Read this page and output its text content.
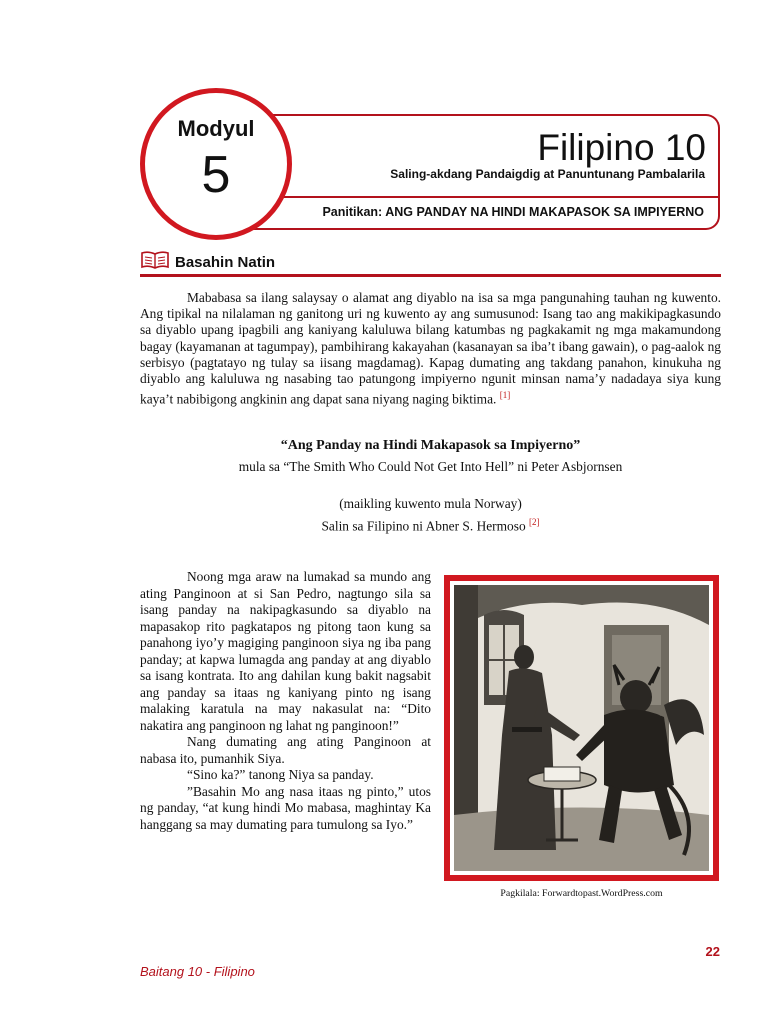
Filipino 10
Saling-akdang Pandaigdig at Panuntunang Pambalarila
Panitikan: ANG PANDAY NA HINDI MAKAPASOK SA IMPIYERNO
Modyul
5
Basahin Natin

Mababasa sa ilang salaysay o alamat ang diyablo na isa sa mga pangunahing tauhan ng kuwento. Ang tipikal na nilalaman ng ganitong uri ng kuwento ay ang sumusunod: Isang tao ang makikipagkasundo sa diyablo upang ipagbili ang kaniyang kaluluwa bilang katumbas ng pagkakamit ng mga makamundong bagay (kayamanan at tagumpay), pambihirang kakayahan (kasanayan sa iba’t ibang gawain), o pag-aalok ng serbisyo (pagtatayo ng tulay sa iisang magdamag). Kapag dumating ang takdang panahon, kinukuha ng diyablo ang kaluluwa ng nasabing tao patungong impiyerno ngunit minsan nama’y nadadaya siya kung kaya’t nabibigong angkinin ang dapat sana niyang naging biktima. [1]

“Ang Panday na Hindi Makapasok sa Impiyerno”
mula sa “The Smith Who Could Not Get Into Hell” ni Peter Asbjornsen
(maikling kuwento mula Norway)
Salin sa Filipino ni Abner S. Hermoso [2]

Noong mga araw na lumakad sa mundo ang ating Panginoon at si San Pedro, nagtungo sila sa isang panday na nakipagkasundo sa diyablo na mapasakop rito pagkatapos ng pitong taon kung sa panahong iyo’y magiging panginoon siya ng iba pang panday; at kapwa lumagda ang panday at ang diyablo sa isang kontrata. Ito ang dahilan kung bakit nagsabit ang panday sa itaas ng kaniyang pinto ng isang malaking karatula na may nakasulat na: “Dito nakatira ang panginoon ng lahat ng panginoon!”

Nang dumating ang ating Panginoon at nabasa ito, pumanhik Siya.

“Sino ka?” tanong Niya sa panday.

”Basahin Mo ang nasa itaas ng pinto,” utos ng panday, “at kung hindi Mo mabasa, maghintay Ka hanggang sa may dumating para tumulong sa Iyo.”

Pagkilala: Forwardtopast.WordPress.com
22
Baitang 10 - Filipino
